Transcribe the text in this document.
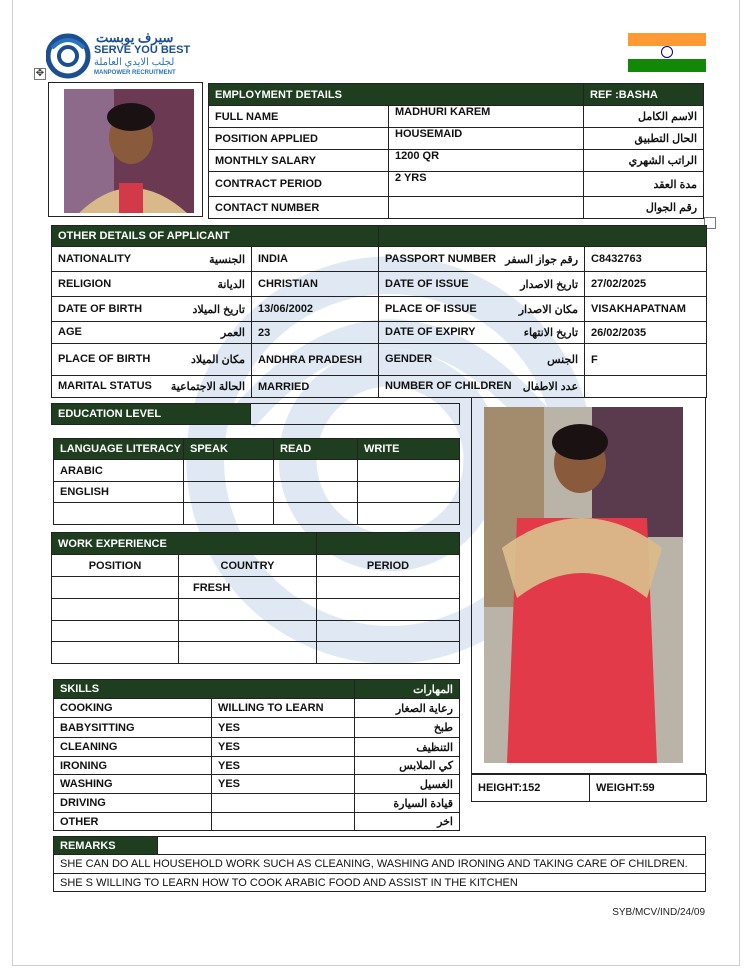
سيرف يوبست
SERVE YOU BEST
لجلب الايدي العاملة
MANPOWER RECRUITMENT
✥
EMPLOYMENT DETAILS		REF :BASHA
FULL NAME	MADHURI KAREM	الاسم الكامل
POSITION APPLIED	HOUSEMAID	الحال التطبيق
MONTHLY SALARY	1200 QR	الراتب الشهري
CONTRACT PERIOD	2 YRS	مدة العقد
CONTACT NUMBER		رقم الجوال
OTHER DETAILS OF APPLICANT			
NATIONALITY الجنسية	INDIA	PASSPORT NUMBER رقم جواز السفر	C8432763
RELIGION الديانة	CHRISTIAN	DATE OF ISSUE تاريخ الاصدار	27/02/2025
DATE OF BIRTH تاريخ الميلاد	13/06/2002	PLACE OF ISSUE مكان الاصدار	VISAKHAPATNAM
AGE العمر	23	DATE OF EXPIRY تاريخ الانتهاء	26/02/2035
PLACE OF BIRTH مكان الميلاد	ANDHRA PRADESH	GENDER الجنس	F
MARITAL STATUS الحالة الاجتماعية	MARRIED	NUMBER OF CHILDREN عدد الاطفال	

EDUCATION LEVEL	
LANGUAGE LITERACY	SPEAK	READ	WRITE
ARABIC			
ENGLISH			

WORK EXPERIENCE		
POSITION	COUNTRY	PERIOD
	FRESH	

SKILLS		المهارات
COOKING	WILLING TO LEARN	رعاية الصغار
BABYSITTING	YES	طبخ
CLEANING	YES	التنظيف
IRONING	YES	كي الملابس
WASHING	YES	الغسيل
DRIVING		قيادة السيارة
OTHER		اخر
HEIGHT:152	WEIGHT:59
REMARKS	
SHE CAN DO ALL HOUSEHOLD WORK SUCH AS CLEANING, WASHING AND IRONING AND TAKING CARE OF CHILDREN.
SHE S WILLING TO LEARN HOW TO COOK ARABIC FOOD AND ASSIST IN THE KITCHEN
SYB/MCV/IND/24/09
